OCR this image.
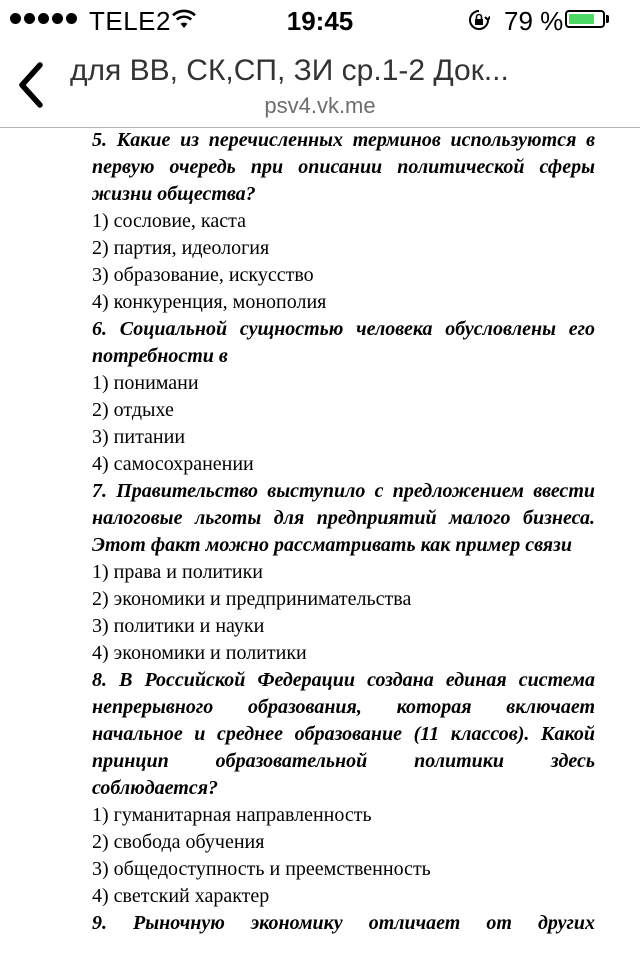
TELE2	19:45	79 %
для ВВ, СК,СП, ЗИ ср.1-2 Док...
psv4.vk.me
5. Какие из перечисленных терминов используются в первую очередь при описании политической сферы жизни общества?
1) сословие, каста
2) партия, идеология
3) образование, искусство
4) конкуренция, монополия
6. Социальной сущностью человека обусловлены его потребности в
1) понимани
2) отдыхе
3) питании
4) самосохранении
7. Правительство выступило с предложением ввести налоговые льготы для предприятий малого бизнеса. Этот факт можно рассматривать как пример связи
1) права и политики
2) экономики и предпринимательства
3) политики и науки
4) экономики и политики
8. В Российской Федерации создана единая система непрерывного образования, которая включает начальное и среднее образование (11 классов). Какой принцип образовательной политики здесь соблюдается?
1) гуманитарная направленность
2) свобода обучения
3) общедоступность и преемственность
4) светский характер
9. Рыночную экономику отличает от других
